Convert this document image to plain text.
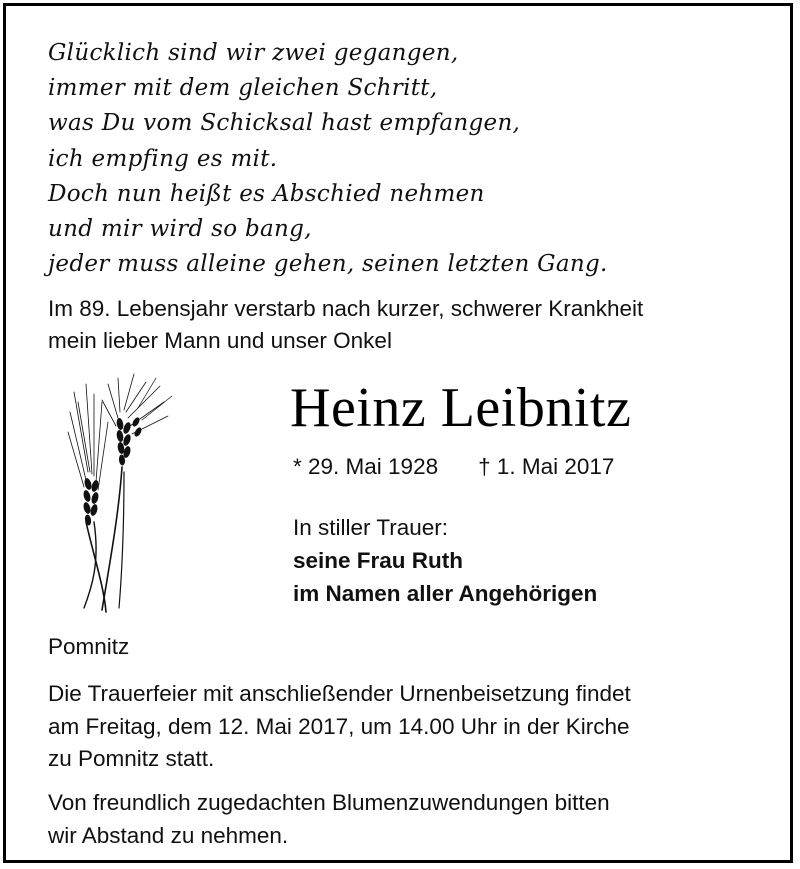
Glücklich sind wir zwei gegangen,
immer mit dem gleichen Schritt,
was Du vom Schicksal hast empfangen,
ich empfing es mit.
Doch nun heißt es Abschied nehmen
und mir wird so bang,
jeder muss alleine gehen, seinen letzten Gang.
Im 89. Lebensjahr verstarb nach kurzer, schwerer Krankheit
mein lieber Mann und unser Onkel
Heinz Leibnitz
* 29. Mai 1928 † 1. Mai 2017
In stiller Trauer:
seine Frau Ruth
im Namen aller Angehörigen
Pomnitz
Die Trauerfeier mit anschließender Urnenbeisetzung findet
am Freitag, dem 12. Mai 2017, um 14.00 Uhr in der Kirche
zu Pomnitz statt.
Von freundlich zugedachten Blumenzuwendungen bitten
wir Abstand zu nehmen.
